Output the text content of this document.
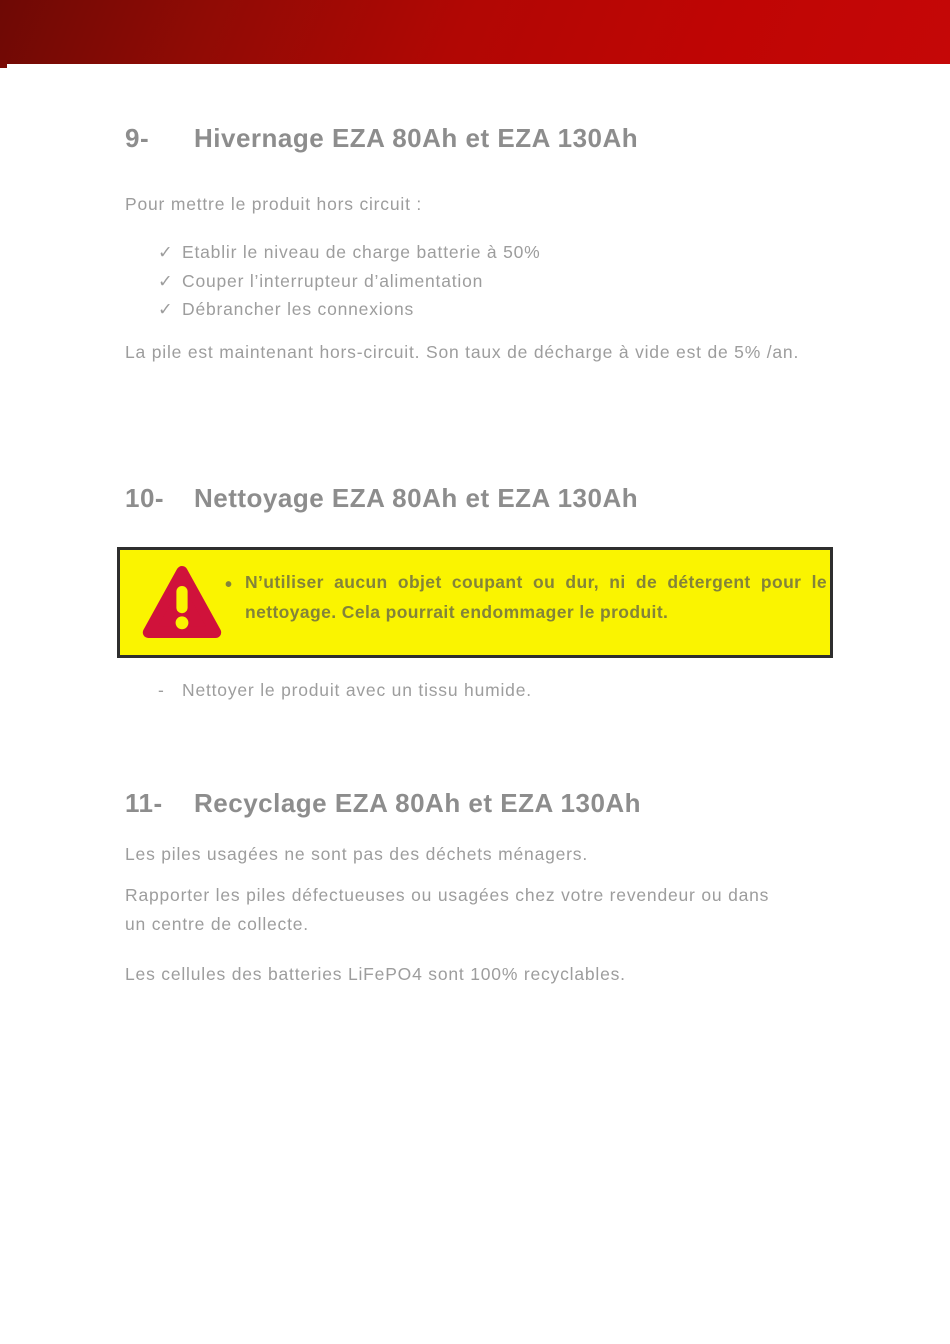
9-	Hivernage EZA 80Ah et EZA 130Ah

Pour mettre le produit hors circuit :

✓ Etablir le niveau de charge batterie à 50%
✓ Couper l’interrupteur d’alimentation
✓ Débrancher les connexions

La pile est maintenant hors-circuit. Son taux de décharge à vide est de 5% /an.

10-	Nettoyage EZA 80Ah et EZA 130Ah
• N’utiliser aucun objet coupant ou dur, ni de détergent pour le
nettoyage. Cela pourrait endommager le produit.
- Nettoyer le produit avec un tissu humide.
11-	Recyclage EZA 80Ah et EZA 130Ah

Les piles usagées ne sont pas des déchets ménagers.

Rapporter les piles défectueuses ou usagées chez votre revendeur ou dans
un centre de collecte.

Les cellules des batteries LiFePO4 sont 100% recyclables.
